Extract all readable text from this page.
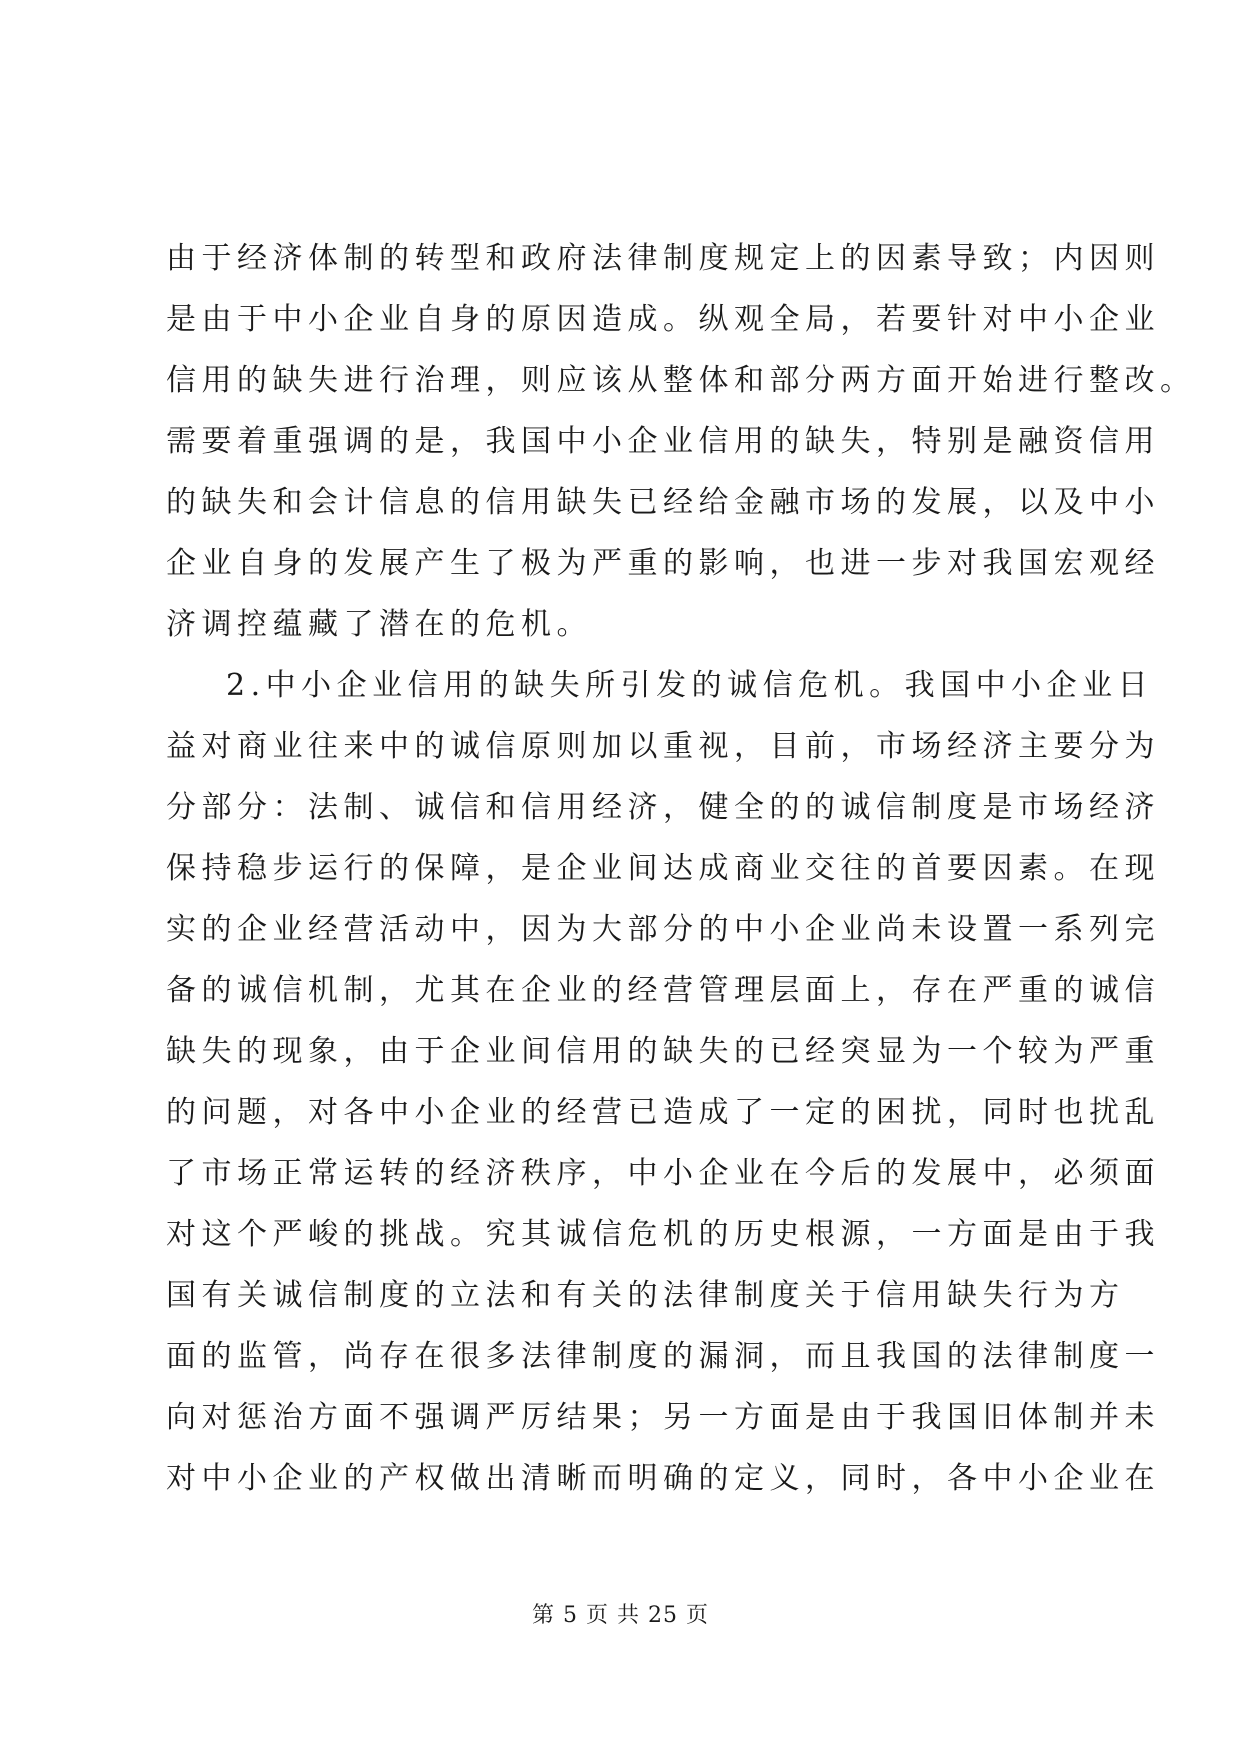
由于经济体制的转型和政府法律制度规定上的因素导致；内因则
是由于中小企业自身的原因造成。纵观全局，若要针对中小企业
信用的缺失进行治理，则应该从整体和部分两方面开始进行整改。
需要着重强调的是，我国中小企业信用的缺失，特别是融资信用
的缺失和会计信息的信用缺失已经给金融市场的发展，以及中小
企业自身的发展产生了极为严重的影响，也进一步对我国宏观经
济调控蕴藏了潜在的危机。
2.中小企业信用的缺失所引发的诚信危机。我国中小企业日
益对商业往来中的诚信原则加以重视，目前，市场经济主要分为
分部分：法制、诚信和信用经济，健全的的诚信制度是市场经济
保持稳步运行的保障，是企业间达成商业交往的首要因素。在现
实的企业经营活动中，因为大部分的中小企业尚未设置一系列完
备的诚信机制，尤其在企业的经营管理层面上，存在严重的诚信
缺失的现象，由于企业间信用的缺失的已经突显为一个较为严重
的问题，对各中小企业的经营已造成了一定的困扰，同时也扰乱
了市场正常运转的经济秩序，中小企业在今后的发展中，必须面
对这个严峻的挑战。究其诚信危机的历史根源，一方面是由于我
国有关诚信制度的立法和有关的法律制度关于信用缺失行为方
面的监管，尚存在很多法律制度的漏洞，而且我国的法律制度一
向对惩治方面不强调严厉结果；另一方面是由于我国旧体制并未
对中小企业的产权做出清晰而明确的定义，同时，各中小企业在
第 5 页 共 25 页
